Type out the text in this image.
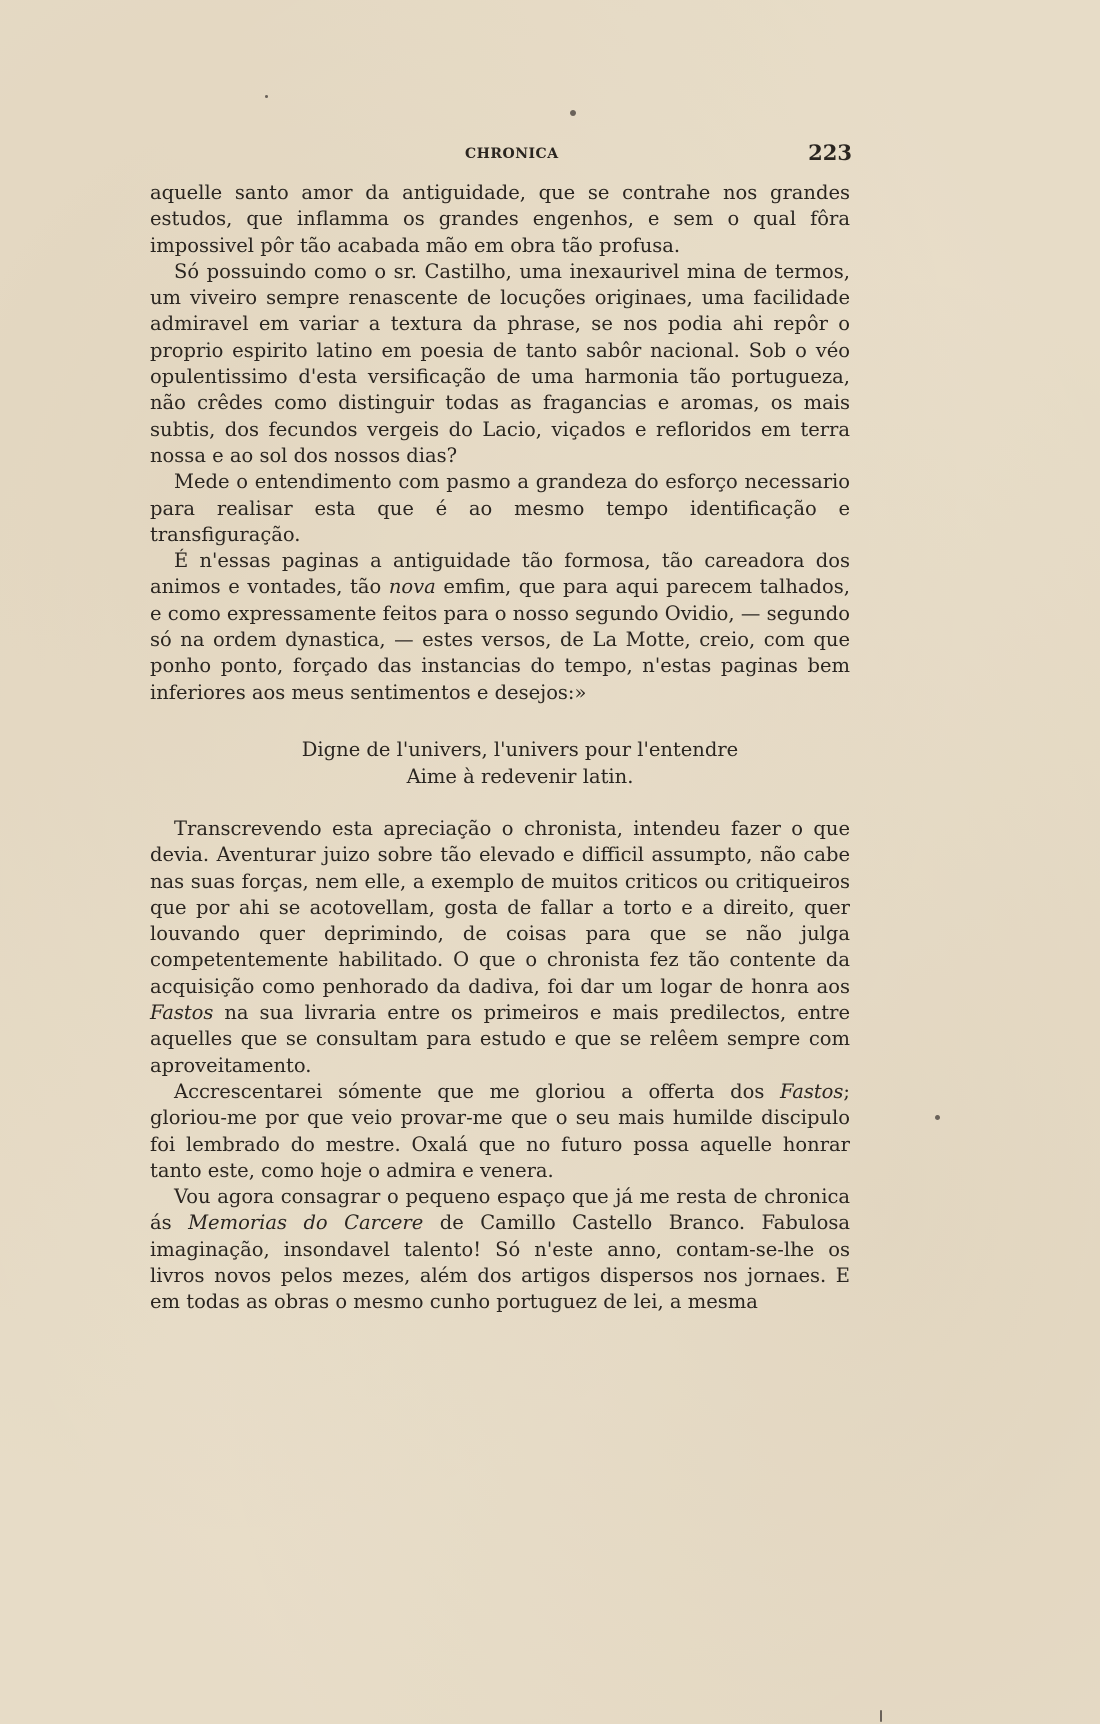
CHRONICA	223

aquelle santo amor da antiguidade, que se contrahe nos grandes estudos, que inflamma os grandes engenhos, e sem o qual fôra impossivel pôr tão acabada mão em obra tão profusa.

Só possuindo como o sr. Castilho, uma inexaurivel mina de termos, um viveiro sempre renascente de locuções originaes, uma facilidade admiravel em variar a textura da phrase, se nos podia ahi repôr o proprio espirito latino em poesia de tanto sabôr nacional. Sob o véo opulentissimo d'esta versificação de uma harmonia tão portugueza, não crêdes como distinguir todas as fragancias e aromas, os mais subtis, dos fecundos vergeis do Lacio, viçados e refloridos em terra nossa e ao sol dos nossos dias?

Mede o entendimento com pasmo a grandeza do esforço necessario para realisar esta que é ao mesmo tempo identificação e transfiguração.

É n'essas paginas a antiguidade tão formosa, tão careadora dos animos e vontades, tão nova emfim, que para aqui parecem talhados, e como expressamente feitos para o nosso segundo Ovidio, — segundo só na ordem dynastica, — estes versos, de La Motte, creio, com que ponho ponto, forçado das instancias do tempo, n'estas paginas bem inferiores aos meus sentimentos e desejos:»

Digne de l'univers, l'univers pour l'entendre
Aime à redevenir latin.

Transcrevendo esta apreciação o chronista, intendeu fazer o que devia. Aventurar juizo sobre tão elevado e difficil assumpto, não cabe nas suas forças, nem elle, a exemplo de muitos criticos ou critiqueiros que por ahi se acotovellam, gosta de fallar a torto e a direito, quer louvando quer deprimindo, de coisas para que se não julga competentemente habilitado. O que o chronista fez tão contente da acquisição como penhorado da dadiva, foi dar um logar de honra aos Fastos na sua livraria entre os primeiros e mais predilectos, entre aquelles que se consultam para estudo e que se relêem sempre com aproveitamento.

Accrescentarei sómente que me gloriou a offerta dos Fastos; gloriou-me por que veio provar-me que o seu mais humilde discipulo foi lembrado do mestre. Oxalá que no futuro possa aquelle honrar tanto este, como hoje o admira e venera.

Vou agora consagrar o pequeno espaço que já me resta de chronica ás Memorias do Carcere de Camillo Castello Branco. Fabulosa imaginação, insondavel talento! Só n'este anno, contam-se-lhe os livros novos pelos mezes, além dos artigos dispersos nos jornaes. E em todas as obras o mesmo cunho portuguez de lei, a mesma
